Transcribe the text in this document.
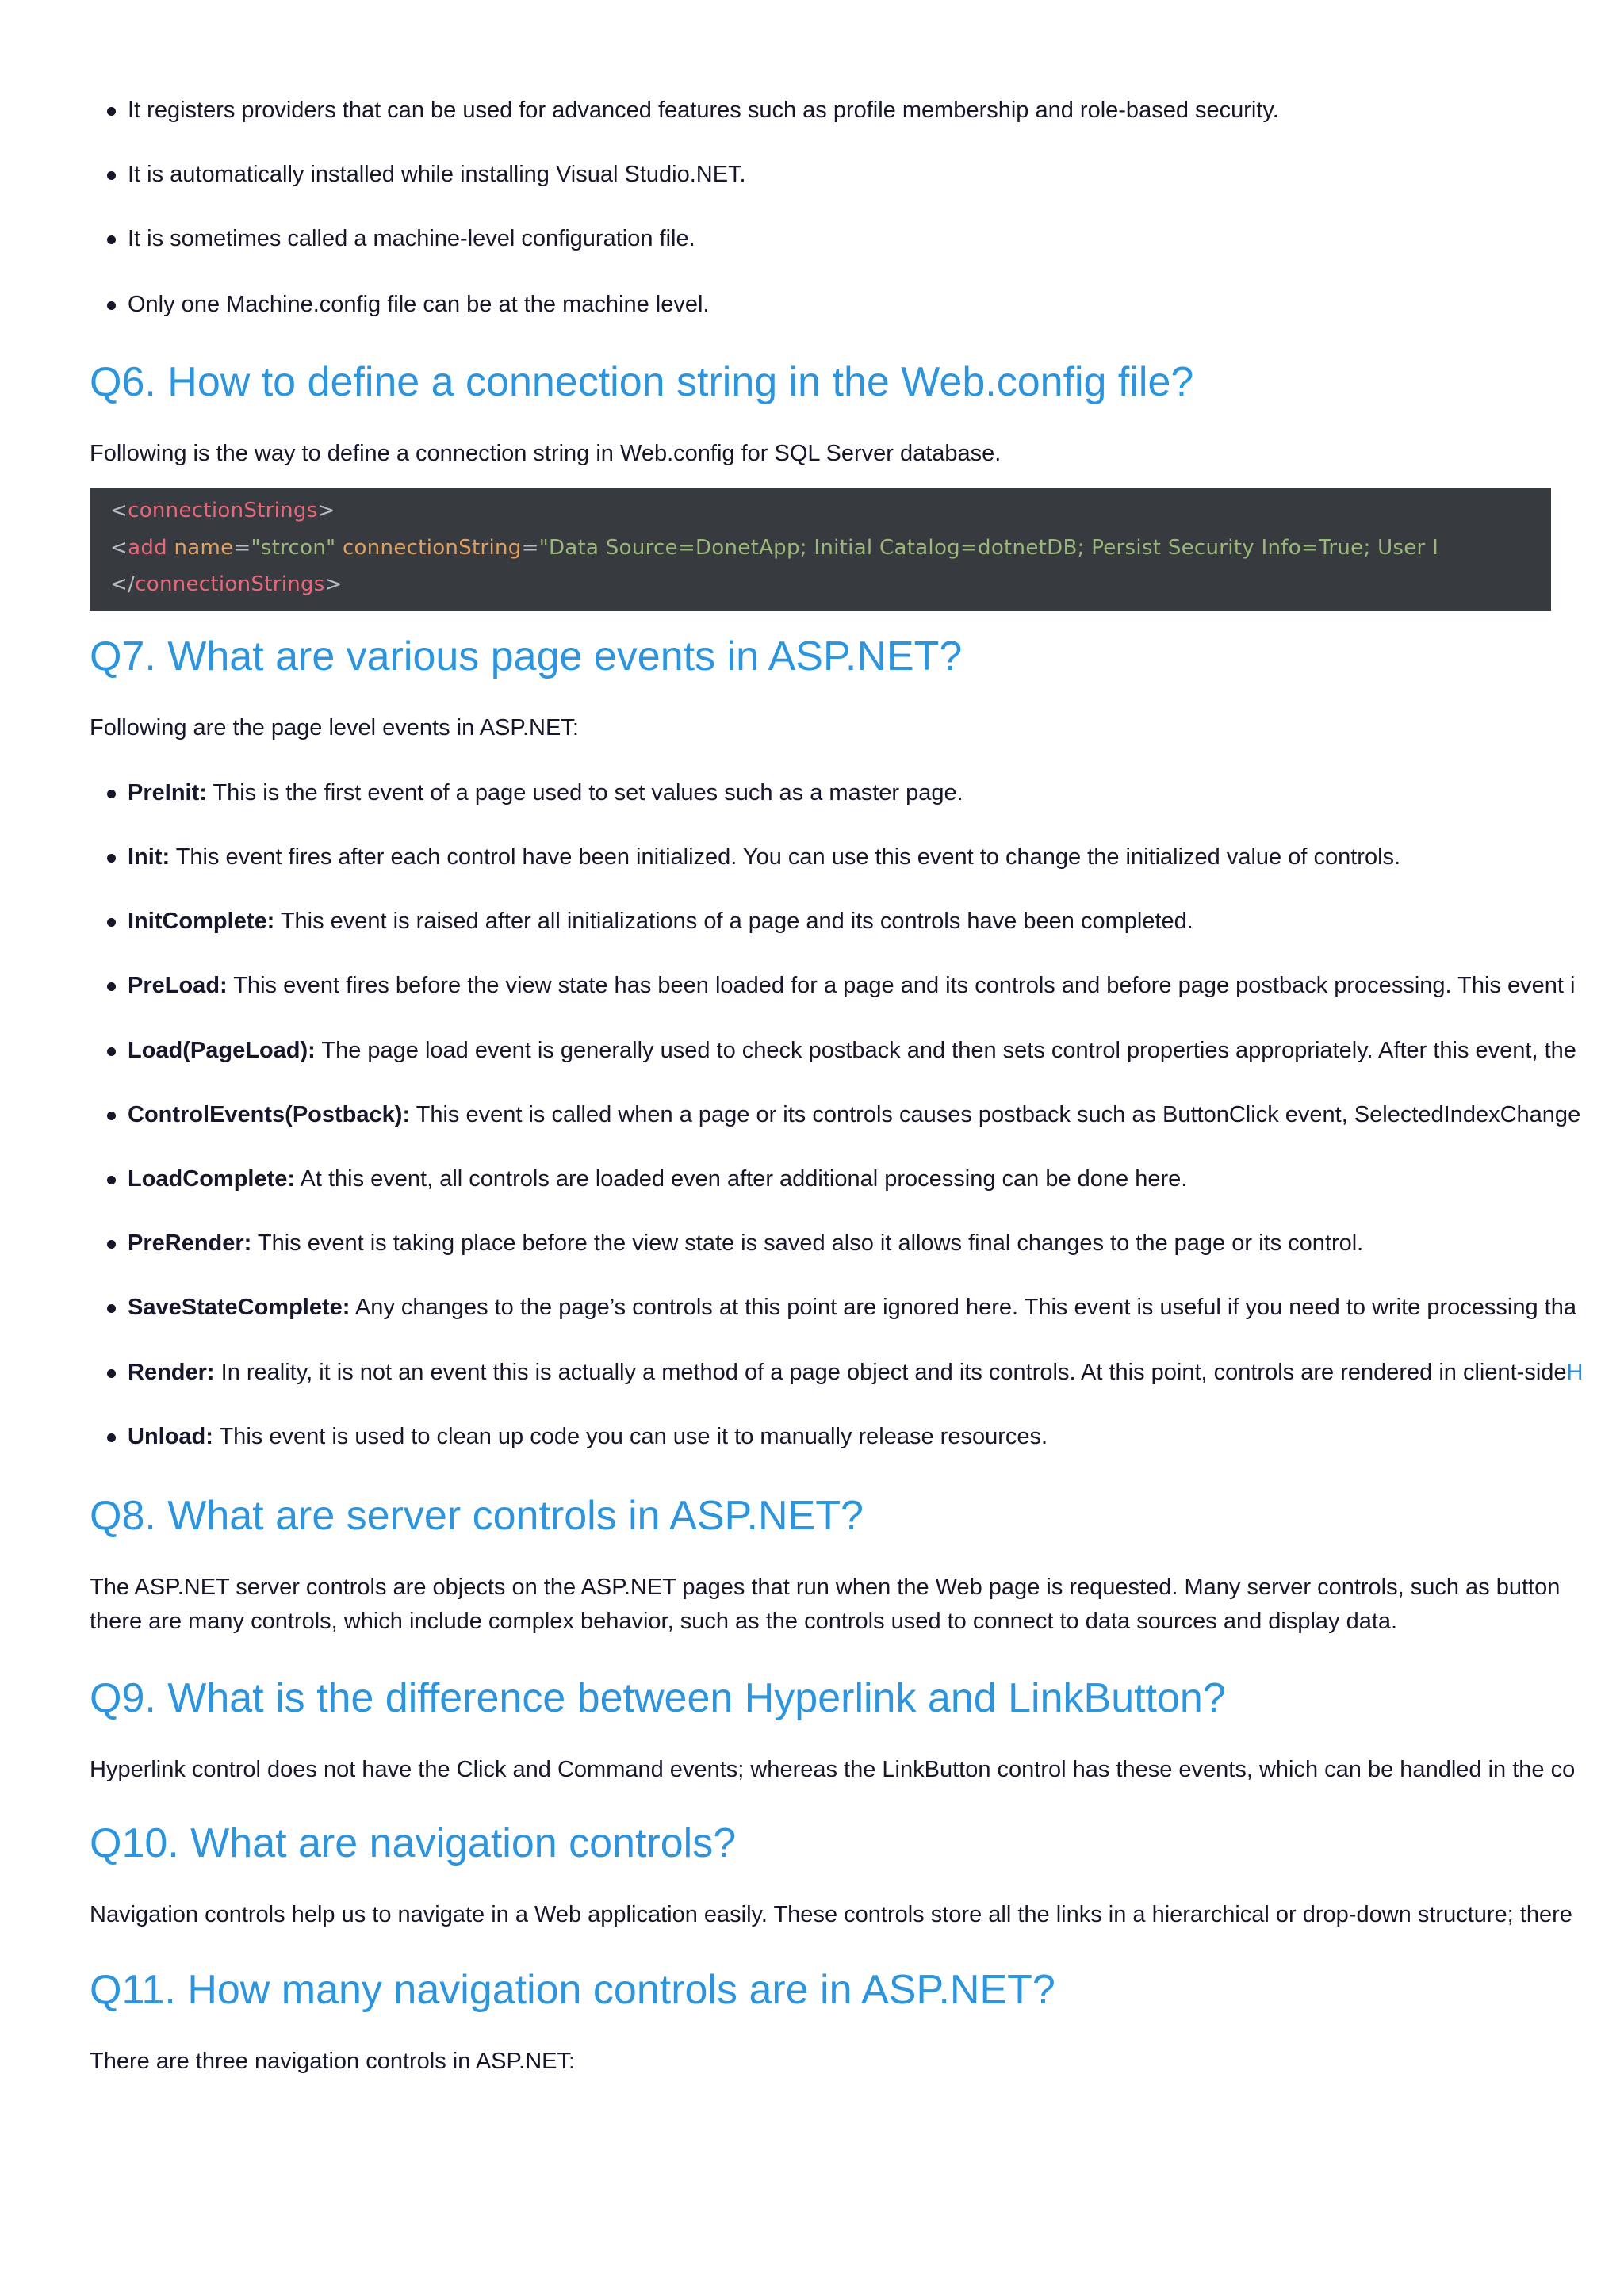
It registers providers that can be used for advanced features such as profile membership and role-based security.
It is automatically installed while installing Visual Studio.NET.
It is sometimes called a machine-level configuration file.
Only one Machine.config file can be at the machine level.
Q6. How to define a connection string in the Web.config file?

Following is the way to define a connection string in Web.config for SQL Server database.

<connectionStrings>
<add name="strcon" connectionString="Data Source=DonetApp; Initial Catalog=dotnetDB; Persist Security Info=True; User I
</connectionStrings>
Q7. What are various page events in ASP.NET?

Following are the page level events in ASP.NET:

PreInit: This is the first event of a page used to set values such as a master page.
Init: This event fires after each control have been initialized. You can use this event to change the initialized value of controls.
InitComplete: This event is raised after all initializations of a page and its controls have been completed.
PreLoad: This event fires before the view state has been loaded for a page and its controls and before page postback processing. This event i
Load(PageLoad): The page load event is generally used to check postback and then sets control properties appropriately. After this event, the
ControlEvents(Postback): This event is called when a page or its controls causes postback such as ButtonClick event, SelectedIndexChange
LoadComplete: At this event, all controls are loaded even after additional processing can be done here.
PreRender: This event is taking place before the view state is saved also it allows final changes to the page or its control.
SaveStateComplete: Any changes to the page’s controls at this point are ignored here. This event is useful if you need to write processing tha
Render: In reality, it is not an event this is actually a method of a page object and its controls. At this point, controls are rendered in client-sideH
Unload: This event is used to clean up code you can use it to manually release resources.
Q8. What are server controls in ASP.NET?

The ASP.NET server controls are objects on the ASP.NET pages that run when the Web page is requested. Many server controls, such as button

there are many controls, which include complex behavior, such as the controls used to connect to data sources and display data.

Q9. What is the difference between Hyperlink and LinkButton?

Hyperlink control does not have the Click and Command events; whereas the LinkButton control has these events, which can be handled in the co

Q10. What are navigation controls?

Navigation controls help us to navigate in a Web application easily. These controls store all the links in a hierarchical or drop-down structure; there

Q11. How many navigation controls are in ASP.NET?

There are three navigation controls in ASP.NET:
